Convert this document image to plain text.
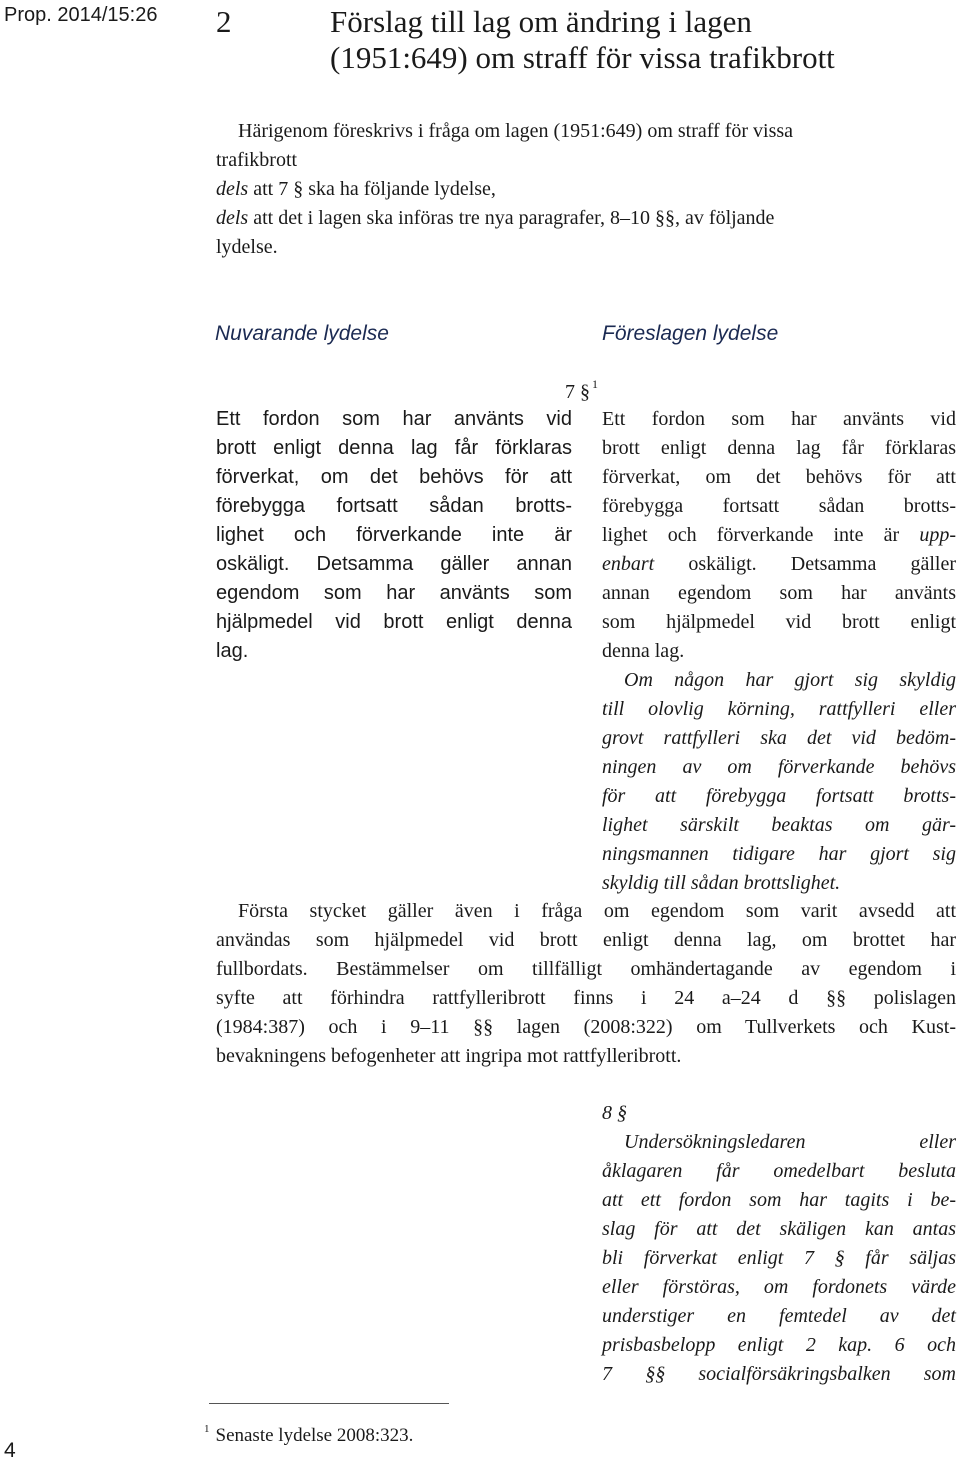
Prop. 2014/15:26
4
2	Förslag till lag om ändring i lagen
(1951:649) om straff för vissa trafikbrott
Härigenom föreskrivs i fråga om lagen (1951:649) om straff för vissa
trafikbrott
dels att 7 § ska ha följande lydelse,
dels att det i lagen ska införas tre nya paragrafer, 8–10 §§, av följande
lydelse.
Nuvarande lydelse	Föreslagen lydelse
7 § $^1$
Ett fordon som har använts vid
brott enligt denna lag får förklaras
förverkat, om det behövs för att
förebygga fortsatt sådan brotts-
lighet och förverkande inte är
oskäligt. Detsamma gäller annan
egendom som har använts som
hjälpmedel vid brott enligt denna
lag.
Ett fordon som har använts vid
brott enligt denna lag får förklaras
förverkat, om det behövs för att
förebygga fortsatt sådan brotts-
lighet och förverkande inte är upp-
enbart oskäligt. Detsamma gäller
annan egendom som har använts
som hjälpmedel vid brott enligt
denna lag.
Om någon har gjort sig skyldig
till olovlig körning, rattfylleri eller
grovt rattfylleri ska det vid bedöm-
ningen av om förverkande behövs
för att förebygga fortsatt brotts-
lighet särskilt beaktas om gär-
ningsmannen tidigare har gjort sig
skyldig till sådan brottslighet.
Första stycket gäller även i fråga om egendom som varit avsedd att
användas som hjälpmedel vid brott enligt denna lag, om brottet har
fullbordats. Bestämmelser om tillfälligt omhändertagande av egendom i
syfte att förhindra rattfylleribrott finns i 24 a–24 d §§ polislagen
(1984:387) och i 9–11 §§ lagen (2008:322) om Tullverkets och Kust-
bevakningens befogenheter att ingripa mot rattfylleribrott.
8 §
Undersökningsledaren eller
åklagaren får omedelbart besluta
att ett fordon som har tagits i be-
slag för att det skäligen kan antas
bli förverkat enligt 7 § får säljas
eller förstöras, om fordonets värde
understiger en femtedel av det
prisbasbelopp enligt 2 kap. 6 och
7 §§ socialförsäkringsbalken som
$^1$ Senaste lydelse 2008:323.
